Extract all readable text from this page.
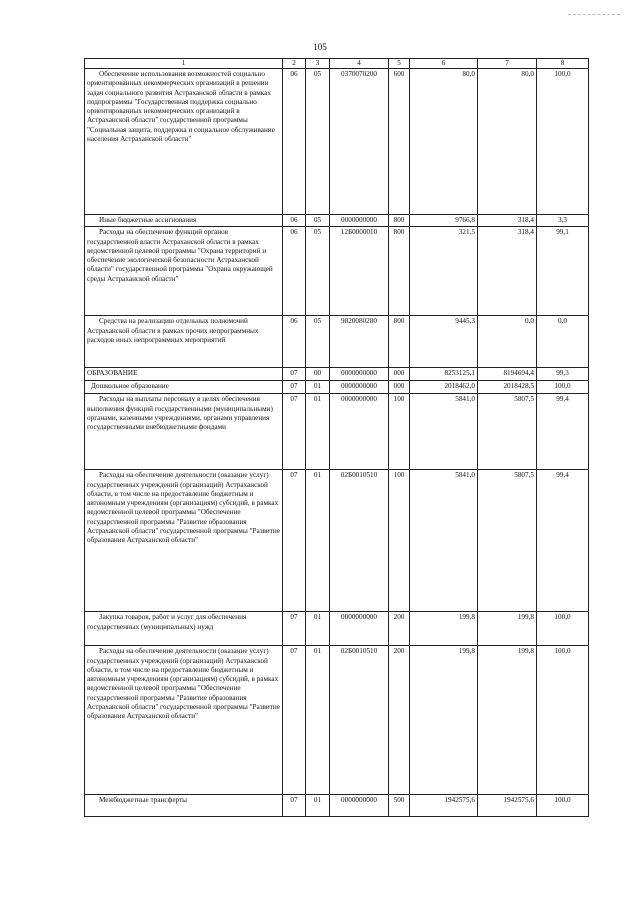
105
1	2	3	4	5	6	7	8
Обеспечение использования возможностей социально ориентированных некоммерческих организаций в решении задач социального развития Астраханской области в рамках подпрограммы "Государственная поддержка социально ориентированных некоммерческих организаций в Астраханской области" государственной программы "Социальная защита, поддержка и социальное обслуживание населения Астраханской области"	06	05	0370070200	600	80,0	80,0	100,0
Иные бюджетные ассигнования	06	05	0000000000	800	9766,8	318,4	3,3
Расходы на обеспечение функций органов государственной власти Астраханской области в рамках ведомственной целевой программы "Охрана территорий и обеспечение экологической безопасности Астраханской области" государственной программы "Охрана окружающей среды Астраханской области"	06	05	12Б0000010	800	321,5	318,4	99,1
Средства на реализацию отдельных полномочий Астраханской области в рамках прочих непрограммных расходов иных непрограммных мероприятий	06	05	9820080280	800	9445,3	0,0	0,0
ОБРАЗОВАНИЕ	07	00	0000000000	000	8253125,1	8194694,4	99,3
Дошкольное образование	07	01	0000000000	000	2018462,0	2018428,5	100,0
Расходы на выплаты персоналу в целях обеспечения выполнения функций государственными (муниципальными) органами, казенными учреждениями, органами управления государственными внебюджетными фондами	07	01	0000000000	100	5841,0	5807,5	99,4
Расходы на обеспечение деятельности (оказание услуг) государственных учреждений (организаций) Астраханской области, в том числе на предоставление бюджетным и автономным учреждениям (организациям) субсидий, в рамках ведомственной целевой программы "Обеспечение государственной программы "Развитие образования Астраханской области" государственной программы "Развитие образования Астраханской области"	07	01	02Б0010510	100	5841,0	5807,5	99,4
Закупка товаров, работ и услуг для обеспечения государственных (муниципальных) нужд	07	01	0000000000	200	199,8	199,8	100,0
Расходы на обеспечение деятельности (оказание услуг) государственных учреждений (организаций) Астраханской области, в том числе на предоставление бюджетным и автономным учреждениям (организациям) субсидий, в рамках ведомственной целевой программы "Обеспечение государственной программы "Развитие образования Астраханской области" государственной программы "Развитие образования Астраханской области"	07	01	02Б0010510	200	199,8	199,8	100,0
Межбюджетные трансферты	07	01	0000000000	500	1942575,6	1942575,6	100,0
